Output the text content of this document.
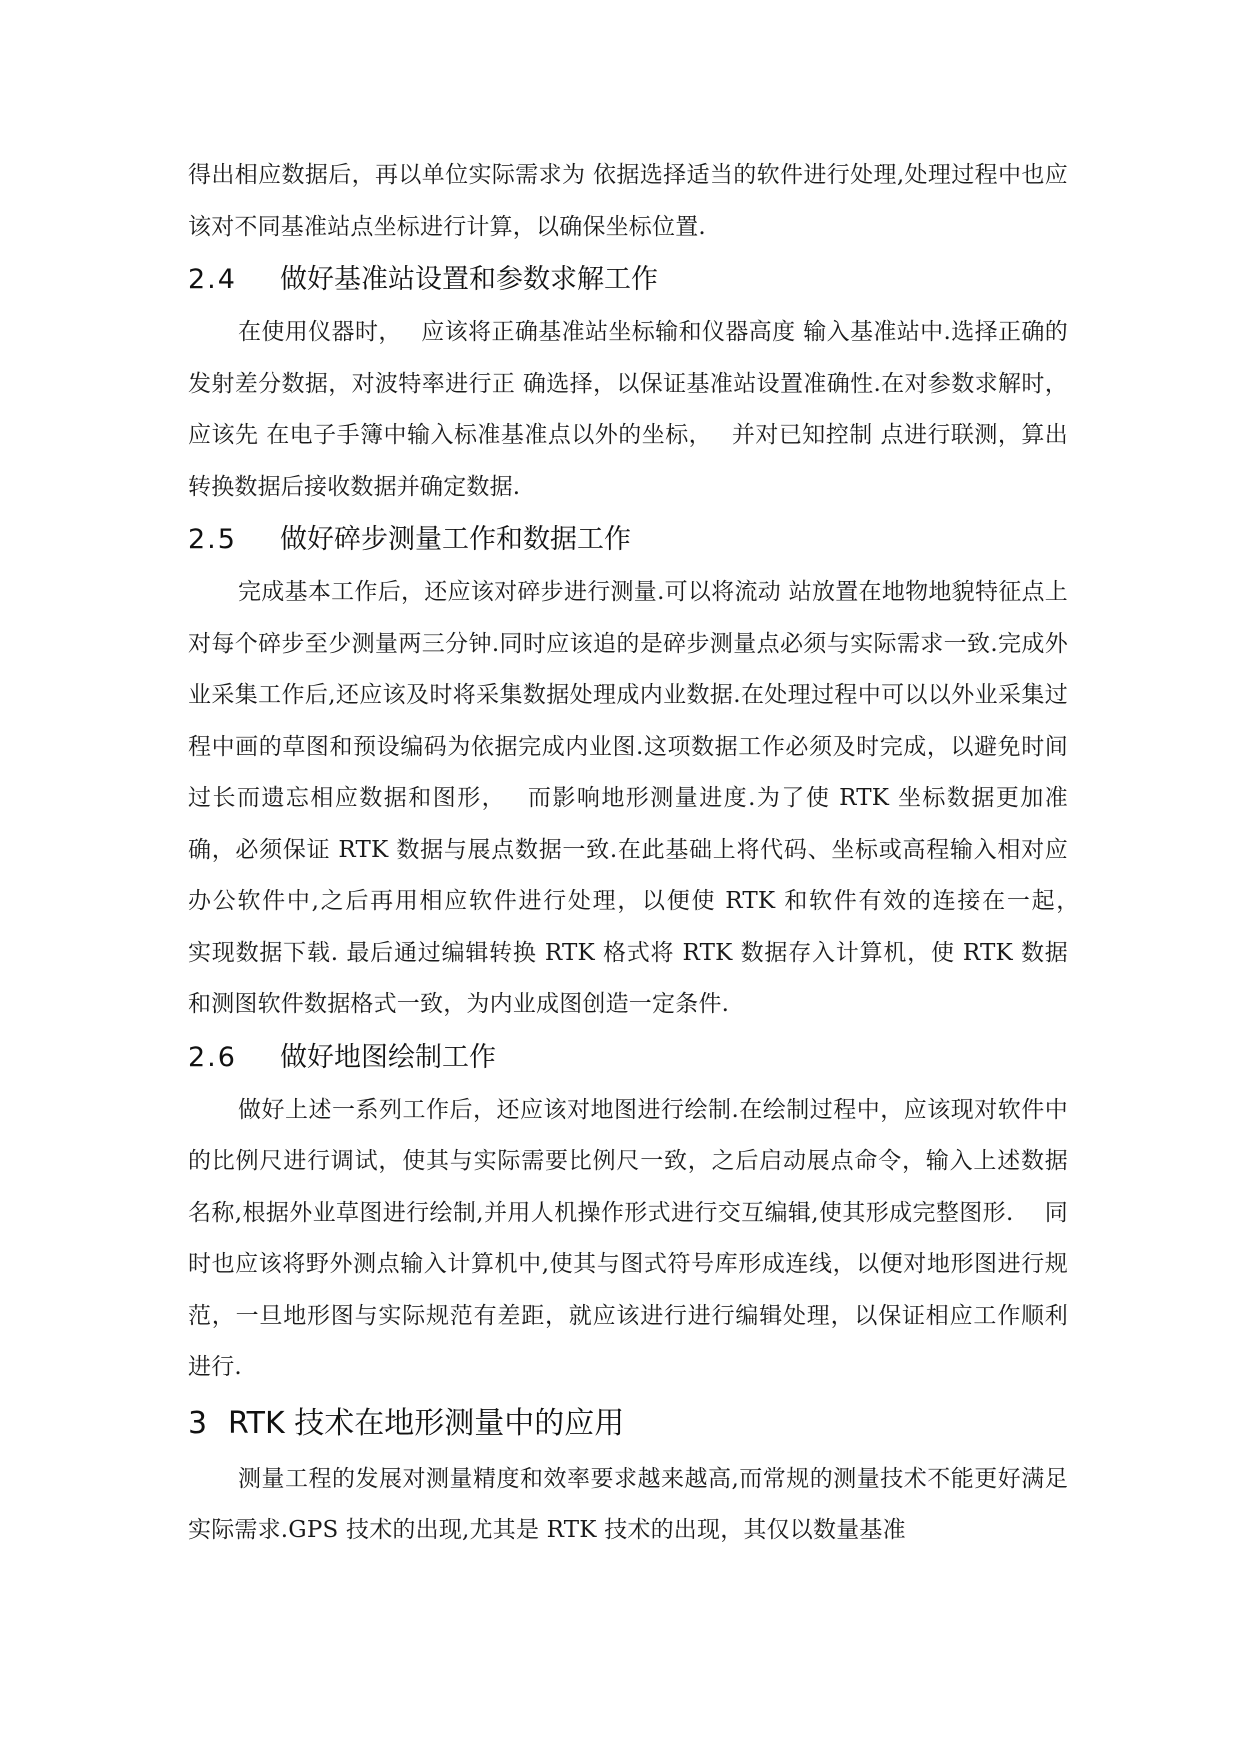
得出相应数据后，再以单位实际需求为 依据选择适当的软件进行处理,处理过程中也应该对不同基准站点坐标进行计算，以确保坐标位置.

2.4	做好基准站设置和参数求解工作

在使用仪器时，　 应该将正确基准站坐标输和仪器高度 输入基准站中.选择正确的发射差分数据，对波特率进行正 确选择，以保证基准站设置准确性.在对参数求解时，应该先 在电子手簿中输入标准基准点以外的坐标，　 并对已知控制 点进行联测，算出转换数据后接收数据并确定数据.

2.5	做好碎步测量工作和数据工作

完成基本工作后，还应该对碎步进行测量.可以将流动 站放置在地物地貌特征点上对每个碎步至少测量两三分钟.同时应该追的是碎步测量点必须与实际需求一致.完成外业采集工作后,还应该及时将采集数据处理成内业数据.在处理过程中可以以外业采集过程中画的草图和预设编码为依据完成内业图.这项数据工作必须及时完成，以避免时间过长而遗忘相应数据和图形，　 而影响地形测量进度.为了使 RTK 坐标数据更加准确，必须保证 RTK 数据与展点数据一致.在此基础上将代码、坐标或高程输入相对应办公软件中,之后再用相应软件进行处理，以便使 RTK 和软件有效的连接在一起，　 实现数据下载. 最后通过编辑转换 RTK 格式将 RTK 数据存入计算机，使 RTK 数据和测图软件数据格式一致，为内业成图创造一定条件.

2.6	做好地图绘制工作

做好上述一系列工作后，还应该对地图进行绘制.在绘制过程中，应该现对软件中的比例尺进行调试，使其与实际需要比例尺一致，之后启动展点命令，输入上述数据名称,根据外业草图进行绘制,并用人机操作形式进行交互编辑,使其形成完整图形.　 同时也应该将野外测点输入计算机中,使其与图式符号库形成连线，以便对地形图进行规范，一旦地形图与实际规范有差距，就应该进行进行编辑处理，以保证相应工作顺利进行.

3 RTK 技术在地形测量中的应用

测量工程的发展对测量精度和效率要求越来越高,而常规的测量技术不能更好满足实际需求.GPS 技术的出现,尤其是 RTK 技术的出现，其仅以数量基准
